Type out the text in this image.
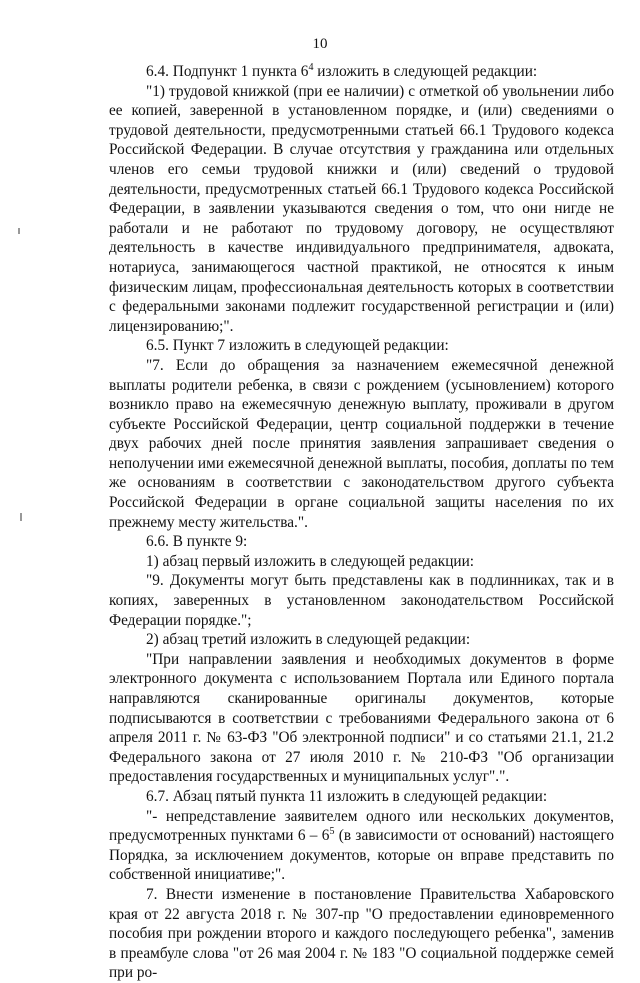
10

6.4. Подпункт 1 пункта $6^4$ изложить в следующей редакции:

"1) трудовой книжкой (при ее наличии) с отметкой об увольнении либо ее копией, заверенной в установленном порядке, и (или) сведениями о трудовой деятельности, предусмотренными статьей 66.1 Трудового кодекса Российской Федерации. В случае отсутствия у гражданина или отдельных членов его семьи трудовой книжки и (или) сведений о трудовой деятельности, предусмотренных статьей 66.1 Трудового кодекса Российской Федерации, в заявлении указываются сведения о том, что они нигде не работали и не работают по трудовому договору, не осуществляют деятельность в качестве индивидуального предпринимателя, адвоката, нотариуса, занимающегося частной практикой, не относятся к иным физическим лицам, профессиональная деятельность которых в соответствии с федеральными законами подлежит государственной регистрации и (или) лицензированию;".

6.5. Пункт 7 изложить в следующей редакции:

"7. Если до обращения за назначением ежемесячной денежной выплаты родители ребенка, в связи с рождением (усыновлением) которого возникло право на ежемесячную денежную выплату, проживали в другом субъекте Российской Федерации, центр социальной поддержки в течение двух рабочих дней после принятия заявления запрашивает сведения о неполучении ими ежемесячной денежной выплаты, пособия, доплаты по тем же основаниям в соответствии с законодательством другого субъекта Российской Федерации в органе социальной защиты населения по их прежнему месту жительства.".

6.6. В пункте 9:

1) абзац первый изложить в следующей редакции:

"9. Документы могут быть представлены как в подлинниках, так и в копиях, заверенных в установленном законодательством Российской Федерации порядке.";

2) абзац третий изложить в следующей редакции:

"При направлении заявления и необходимых документов в форме электронного документа с использованием Портала или Единого портала направляются сканированные оригиналы документов, которые подписываются в соответствии с требованиями Федерального закона от 6 апреля 2011 г. № 63-ФЗ "Об электронной подписи" и со статьями 21.1, 21.2 Федерального закона от 27 июля 2010 г. № 210-ФЗ "Об организации предоставления государственных и муниципальных услуг".".

6.7. Абзац пятый пункта 11 изложить в следующей редакции:

"- непредставление заявителем одного или нескольких документов, предусмотренных пунктами $6 - 6^5$ (в зависимости от оснований) настоящего Порядка, за исключением документов, которые он вправе представить по собственной инициативе;".

7. Внести изменение в постановление Правительства Хабаровского края от 22 августа 2018 г. № 307-пр "О предоставлении единовременного пособия при рождении второго и каждого последующего ребенка", заменив в преамбуле слова "от 26 мая 2004 г. № 183 "О социальной поддержке семей при ро-
